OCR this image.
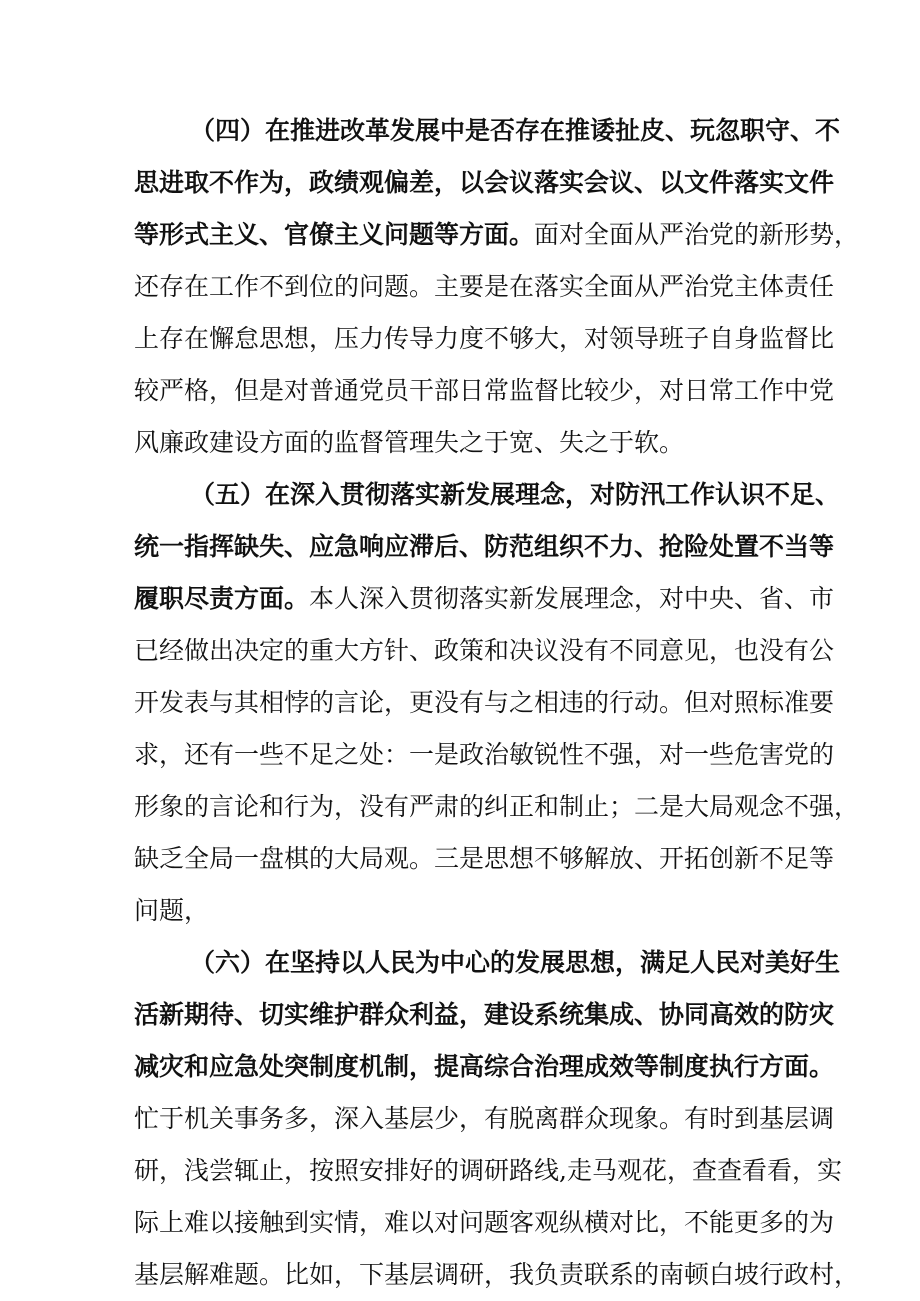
（四）在推进改革发展中是否存在推诿扯皮、玩忽职守、不
思进取不作为，政绩观偏差，以会议落实会议、以文件落实文件
等形式主义、官僚主义问题等方面。面对全面从严治党的新形势，
还存在工作不到位的问题。主要是在落实全面从严治党主体责任
上存在懈怠思想，压力传导力度不够大，对领导班子自身监督比
较严格，但是对普通党员干部日常监督比较少，对日常工作中党
风廉政建设方面的监督管理失之于宽、失之于软。
（五）在深入贯彻落实新发展理念，对防汛工作认识不足、
统一指挥缺失、应急响应滞后、防范组织不力、抢险处置不当等
履职尽责方面。本人深入贯彻落实新发展理念，对中央、省、市
已经做出决定的重大方针、政策和决议没有不同意见，也没有公
开发表与其相悖的言论，更没有与之相违的行动。但对照标准要
求，还有一些不足之处：一是政治敏锐性不强，对一些危害党的
形象的言论和行为，没有严肃的纠正和制止；二是大局观念不强，
缺乏全局一盘棋的大局观。三是思想不够解放、开拓创新不足等
问题，
（六）在坚持以人民为中心的发展思想，满足人民对美好生
活新期待、切实维护群众利益，建设系统集成、协同高效的防灾
减灾和应急处突制度机制，提高综合治理成效等制度执行方面。
忙于机关事务多，深入基层少，有脱离群众现象。有时到基层调
研，浅尝辄止，按照安排好的调研路线,走马观花，查查看看，实
际上难以接触到实情，难以对问题客观纵横对比，不能更多的为
基层解难题。比如，下基层调研，我负责联系的南顿白坡行政村，
